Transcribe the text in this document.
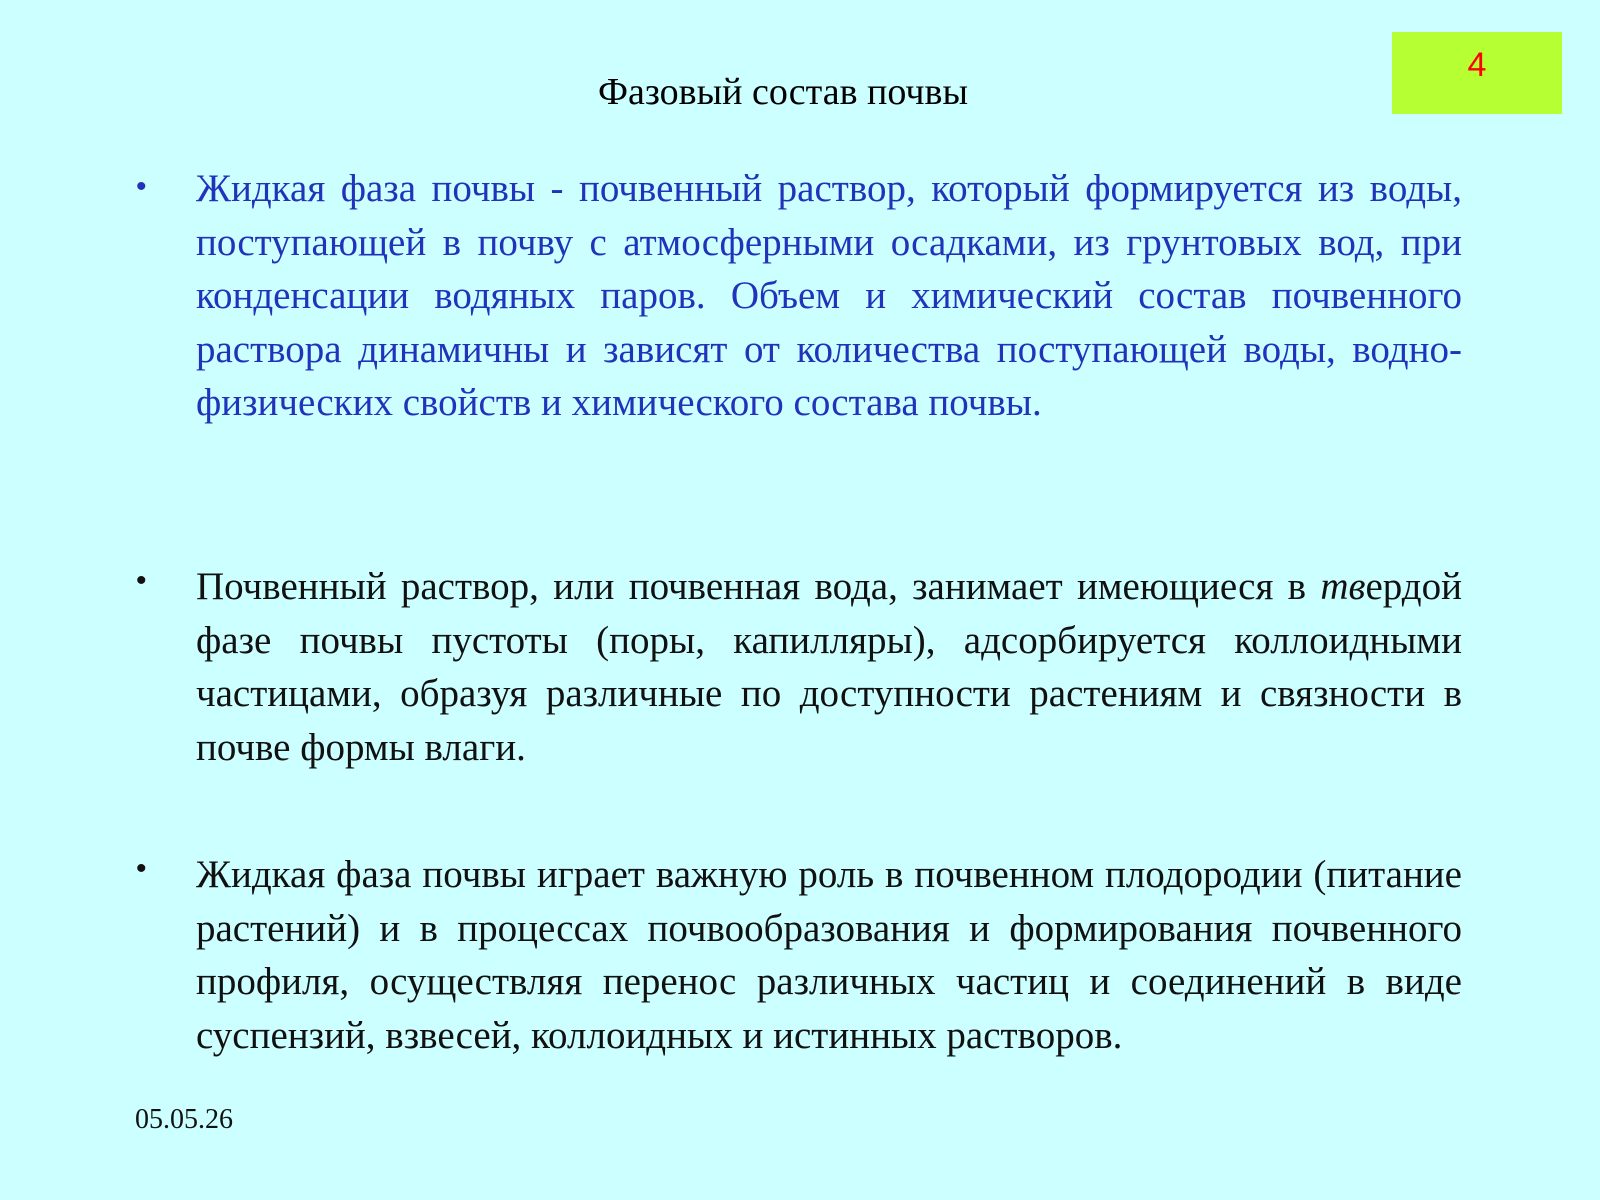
4
Фазовый состав почвы
• Жидкая фаза почвы - почвенный раствор, который формируется из воды, поступающей в почву с атмосферными осадками, из грунтовых вод, при конденсации водяных паров. Объем и химический состав почвенного раствора динамичны и зависят от количества поступающей воды, водно-физических свойств и химического состава почвы.
• Почвенный раствор, или почвенная вода, занимает имеющиеся в твердой фазе почвы пустоты (поры, капилляры), адсорбируется коллоидными частицами, образуя различные по доступности растениям и связности в почве формы влаги.
• Жидкая фаза почвы играет важную роль в почвенном плодородии (питание растений) и в процессах почвообразования и формирования почвенного профиля, осуществляя перенос различных частиц и соединений в виде суспензий, взвесей, коллоидных и истинных растворов.
05.05.26
